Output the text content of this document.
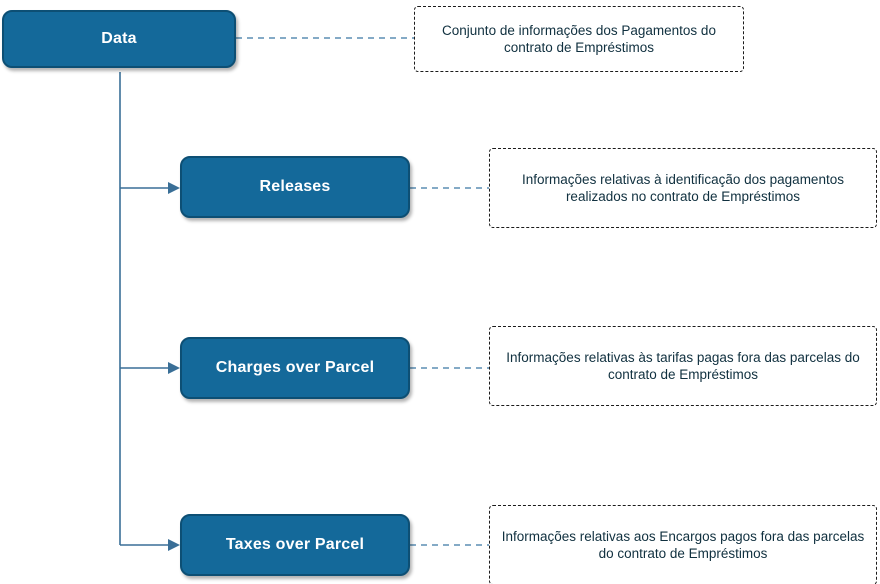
Data	Conjunto de informações dos Pagamentos do contrato de Empréstimos
Releases	Informações relativas à identificação dos pagamentos realizados no contrato de Empréstimos
Charges over Parcel
Informações relativas às tarifas pagas fora das parcelas do contrato de Empréstimos
Taxes over Parcel	Informações relativas aos Encargos pagos fora das parcelas do contrato de Empréstimos
